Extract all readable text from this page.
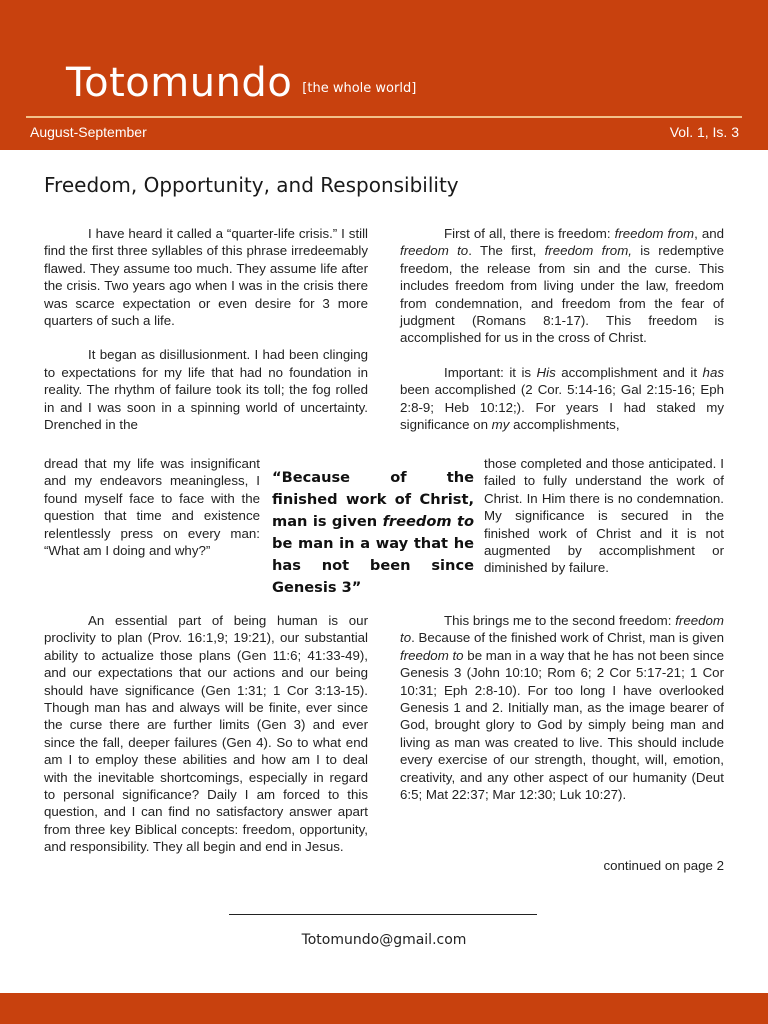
Totomundo [the whole world]
August-September	Vol. 1, Is. 3
Freedom, Opportunity, and Responsibility

I have heard it called a “quarter-life crisis.” I still find the first three syllables of this phrase irredeemably flawed. They assume too much. They assume life after the crisis. Two years ago when I was in the crisis there was scarce expectation or even desire for 3 more quarters of such a life.

It began as disillusionment. I had been clinging to expectations for my life that had no foundation in reality. The rhythm of failure took its toll; the fog rolled in and I was soon in a spinning world of uncertainty. Drenched in the

dread that my life was insignificant and my endeavors meaningless, I found myself face to face with the question that time and existence relentlessly press on every man: “What am I doing and why?”
“Because of the finished work of Christ, man is given freedom to be man in a way that he has not been since Genesis 3”

An essential part of being human is our proclivity to plan (Prov. 16:1,9; 19:21), our substantial ability to actualize those plans (Gen 11:6; 41:33-49), and our expectations that our actions and our being should have significance (Gen 1:31; 1 Cor 3:13-15). Though man has and always will be finite, ever since the curse there are further limits (Gen 3) and ever since the fall, deeper failures (Gen 4). So to what end am I to employ these abilities and how am I to deal with the inevitable shortcomings, especially in regard to personal significance? Daily I am forced to this question, and I can find no satisfactory answer apart from three key Biblical concepts: freedom, opportunity, and responsibility. They all begin and end in Jesus.

First of all, there is freedom: freedom from, and freedom to. The first, freedom from, is redemptive freedom, the release from sin and the curse. This includes freedom from living under the law, freedom from condemnation, and freedom from the fear of judgment (Romans 8:1-17). This freedom is accomplished for us in the cross of Christ.

Important: it is His accomplishment and it has been accomplished (2 Cor. 5:14-16; Gal 2:15-16; Eph 2:8-9; Heb 10:12;). For years I had staked my significance on my accomplishments,

those completed and those anticipated. I failed to fully understand the work of Christ. In Him there is no condemnation. My significance is secured in the finished work of Christ and it is not augmented by accomplishment or diminished by failure.

This brings me to the second freedom: freedom to. Because of the finished work of Christ, man is given freedom to be man in a way that he has not been since Genesis 3 (John 10:10; Rom 6; 2 Cor 5:17-21; 1 Cor 10:31; Eph 2:8-10). For too long I have overlooked Genesis 1 and 2. Initially man, as the image bearer of God, brought glory to God by simply being man and living as man was created to live. This should include every exercise of our strength, thought, will, emotion, creativity, and any other aspect of our humanity (Deut 6:5; Mat 22:37; Mar 12:30; Luk 10:27).

continued on page 2
Totomundo@gmail.com
